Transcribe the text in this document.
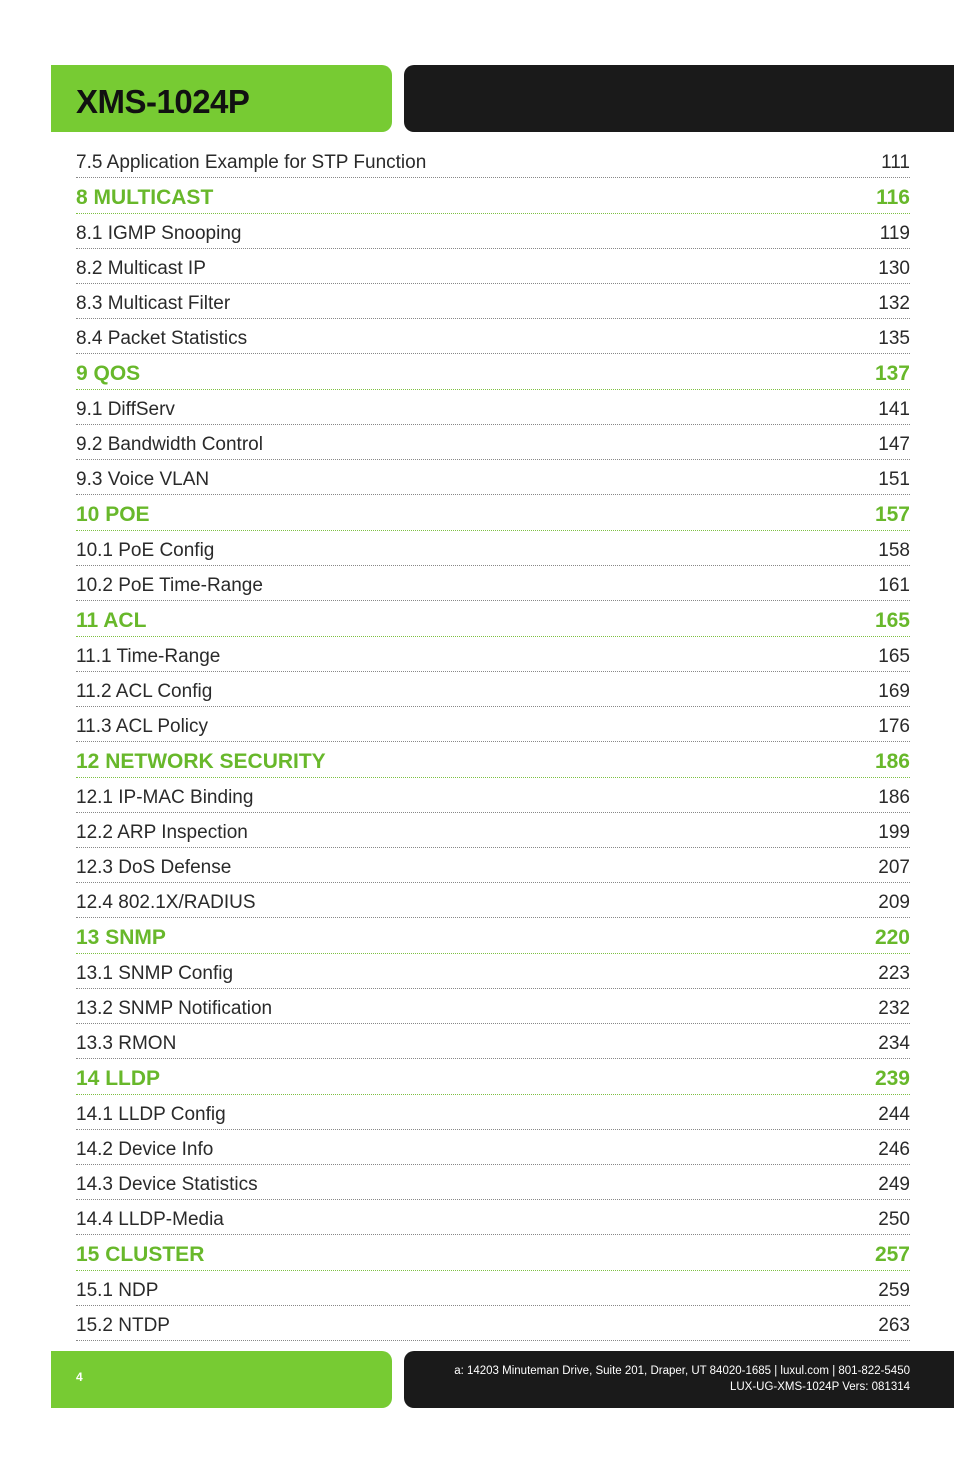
XMS-1024P
7.5 Application Example for STP Function	111
8 MULTICAST	116
8.1 IGMP Snooping	119
8.2 Multicast IP	130
8.3 Multicast Filter	132
8.4 Packet Statistics	135
9 QOS	137
9.1 DiffServ	141
9.2 Bandwidth Control	147
9.3 Voice VLAN	151
10 POE	157
10.1 PoE Config	158
10.2 PoE Time-Range	161
11 ACL	165
11.1 Time-Range	165
11.2 ACL Config	169
11.3 ACL Policy	176
12 NETWORK SECURITY	186
12.1 IP-MAC Binding	186
12.2 ARP Inspection	199
12.3 DoS Defense	207
12.4 802.1X/RADIUS	209
13 SNMP	220
13.1 SNMP Config	223
13.2 SNMP Notification	232
13.3 RMON	234
14 LLDP	239
14.1 LLDP Config	244
14.2 Device Info	246
14.3 Device Statistics	249
14.4 LLDP-Media	250
15 CLUSTER	257
15.1 NDP	259
15.2 NTDP	263
4	a: 14203 Minuteman Drive, Suite 201, Draper, UT 84020-1685 | luxul.com | 801-822-5450
LUX-UG-XMS-1024P Vers: 081314
